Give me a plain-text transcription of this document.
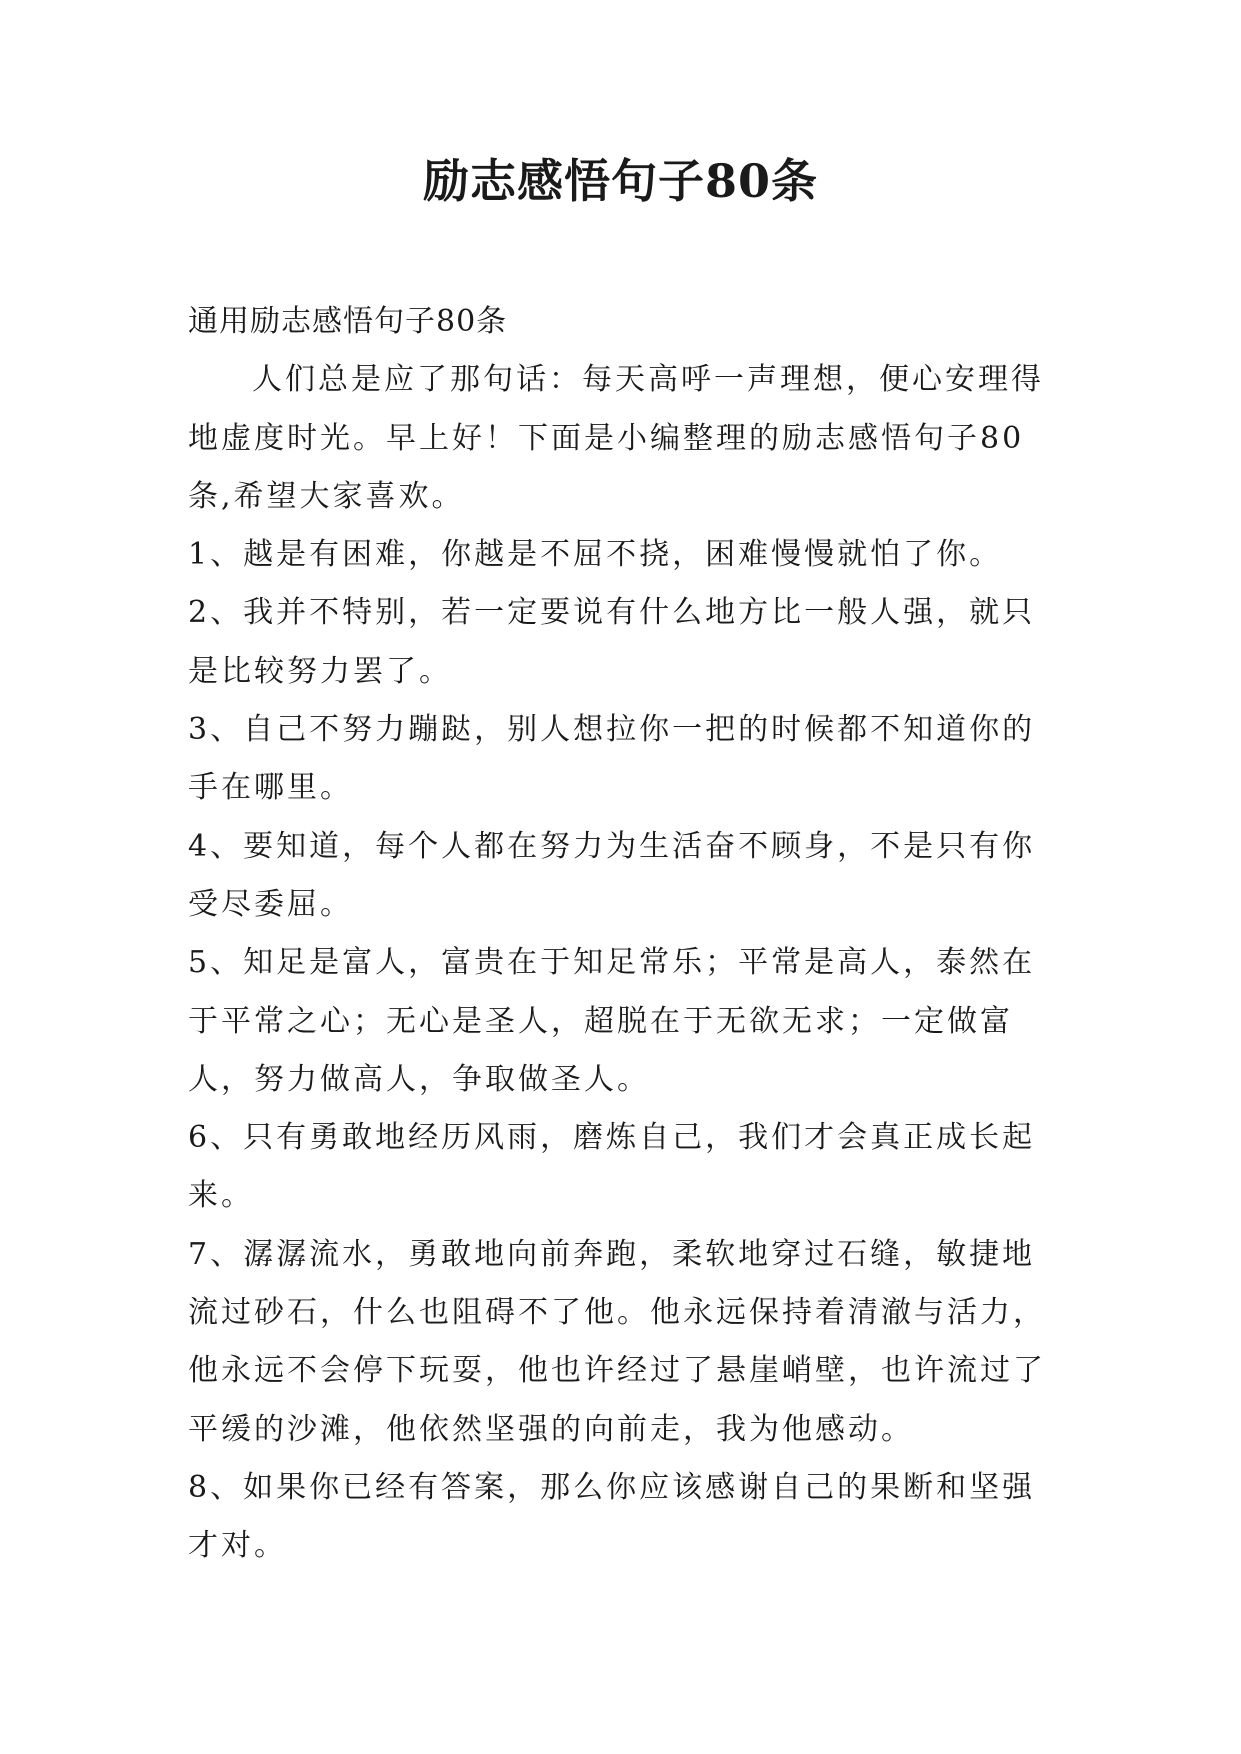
励志感悟句子80条

通用励志感悟句子80条

人们总是应了那句话：每天高呼一声理想，便心安理得地虚度时光。早上好！下面是小编整理的励志感悟句子80条,希望大家喜欢。

1、越是有困难，你越是不屈不挠，困难慢慢就怕了你。

2、我并不特别，若一定要说有什么地方比一般人强，就只是比较努力罢了。

3、自己不努力蹦跶，别人想拉你一把的时候都不知道你的手在哪里。

4、要知道，每个人都在努力为生活奋不顾身，不是只有你受尽委屈。

5、知足是富人，富贵在于知足常乐；平常是高人，泰然在于平常之心；无心是圣人，超脱在于无欲无求；一定做富人，努力做高人，争取做圣人。

6、只有勇敢地经历风雨，磨炼自己，我们才会真正成长起来。

7、潺潺流水，勇敢地向前奔跑，柔软地穿过石缝，敏捷地流过砂石，什么也阻碍不了他。他永远保持着清澈与活力，他永远不会停下玩耍，他也许经过了悬崖峭壁，也许流过了平缓的沙滩，他依然坚强的向前走，我为他感动。

8、如果你已经有答案，那么你应该感谢自己的果断和坚强才对。
